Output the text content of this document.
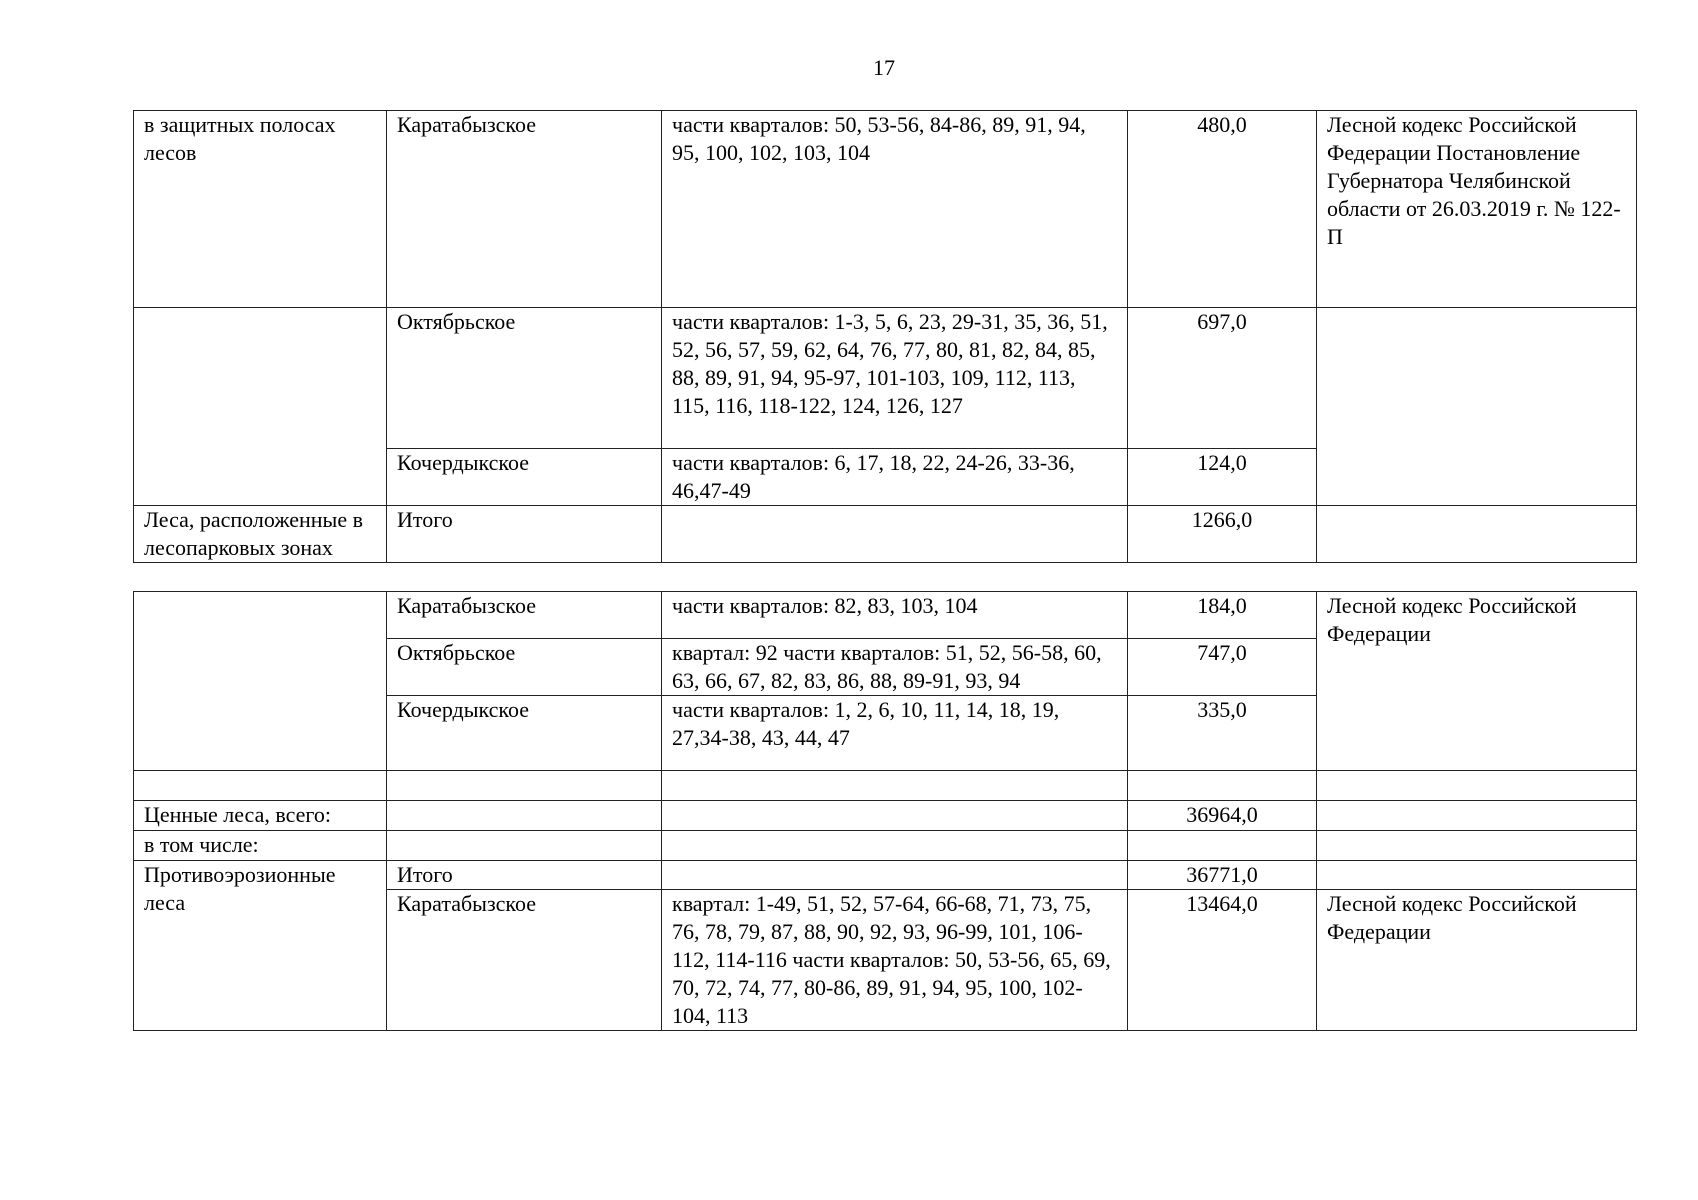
17
в защитных полосах лесов	Каратабызское	части кварталов: 50, 53-56, 84-86, 89, 91, 94, 95, 100, 102, 103, 104	480,0	Лесной кодекс Российской Федерации Постановление Губернатора Челябинской области от 26.03.2019 г. № 122-П
	Октябрьское	части кварталов: 1-3, 5, 6, 23, 29-31, 35, 36, 51, 52, 56, 57, 59, 62, 64, 76, 77, 80, 81, 82, 84, 85, 88, 89, 91, 94, 95-97, 101-103, 109, 112, 113, 115, 116, 118-122, 124, 126, 127	697,0	
	Кочердыкское	части кварталов: 6, 17, 18, 22, 24-26, 33-36, 46,47-49	124,0	
Леса, расположенные в лесопарковых зонах	Итого		1266,0	
	Каратабызское	части кварталов: 82, 83, 103, 104	184,0	Лесной кодекс Российской Федерации
	Октябрьское	квартал: 92 части кварталов: 51, 52, 56-58, 60, 63, 66, 67, 82, 83, 86, 88, 89-91, 93, 94	747,0	
	Кочердыкское	части кварталов: 1, 2, 6, 10, 11, 14, 18, 19, 27,34-38, 43, 44, 47	335,0	

Ценные леса, всего:			36964,0	
в том числе:				
Противоэрозионные леса	Итого		36771,0	
	Каратабызское	квартал: 1-49, 51, 52, 57-64, 66-68, 71, 73, 75, 76, 78, 79, 87, 88, 90, 92, 93, 96-99, 101, 106-112, 114-116 части кварталов: 50, 53-56, 65, 69, 70, 72, 74, 77, 80-86, 89, 91, 94, 95, 100, 102-104, 113	13464,0	Лесной кодекс Российской Федерации
